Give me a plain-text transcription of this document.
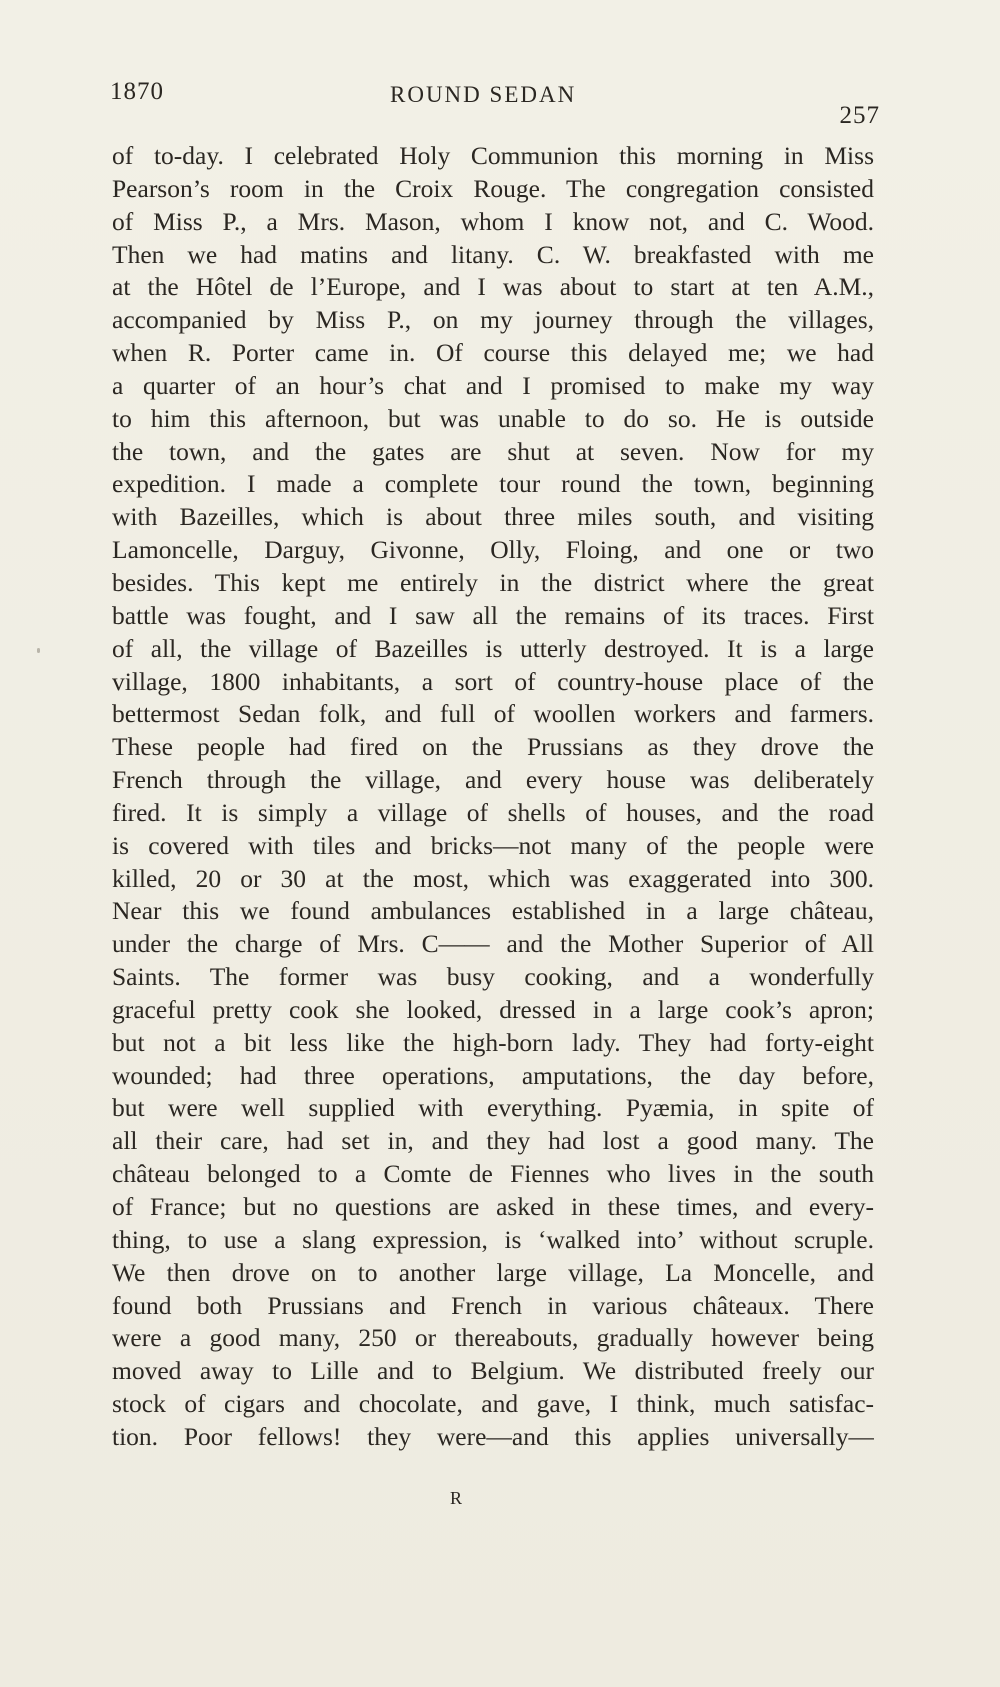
1870	ROUND SEDAN
257
of to-day. I celebrated Holy Communion this morning in Miss
Pearson’s room in the Croix Rouge. The congregation consisted
of Miss P., a Mrs. Mason, whom I know not, and C. Wood.
Then we had matins and litany. C. W. breakfasted with me
at the Hôtel de l’Europe, and I was about to start at ten A.M.,
accompanied by Miss P., on my journey through the villages,
when R. Porter came in. Of course this delayed me; we had
a quarter of an hour’s chat and I promised to make my way
to him this afternoon, but was unable to do so. He is outside
the town, and the gates are shut at seven. Now for my
expedition. I made a complete tour round the town, beginning
with Bazeilles, which is about three miles south, and visiting
Lamoncelle, Darguy, Givonne, Olly, Floing, and one or two
besides. This kept me entirely in the district where the great
battle was fought, and I saw all the remains of its traces. First
of all, the village of Bazeilles is utterly destroyed. It is a large
village, 1800 inhabitants, a sort of country-house place of the
bettermost Sedan folk, and full of woollen workers and farmers.
These people had fired on the Prussians as they drove the
French through the village, and every house was deliberately
fired. It is simply a village of shells of houses, and the road
is covered with tiles and bricks—not many of the people were
killed, 20 or 30 at the most, which was exaggerated into 300.
Near this we found ambulances established in a large château,
under the charge of Mrs. C—— and the Mother Superior of All
Saints. The former was busy cooking, and a wonderfully
graceful pretty cook she looked, dressed in a large cook’s apron;
but not a bit less like the high-born lady. They had forty-eight
wounded; had three operations, amputations, the day before,
but were well supplied with everything. Pyæmia, in spite of
all their care, had set in, and they had lost a good many. The
château belonged to a Comte de Fiennes who lives in the south
of France; but no questions are asked in these times, and every-
thing, to use a slang expression, is ‘walked into’ without scruple.
We then drove on to another large village, La Moncelle, and
found both Prussians and French in various châteaux. There
were a good many, 250 or thereabouts, gradually however being
moved away to Lille and to Belgium. We distributed freely our
stock of cigars and chocolate, and gave, I think, much satisfac-
tion. Poor fellows! they were—and this applies universally—
R
